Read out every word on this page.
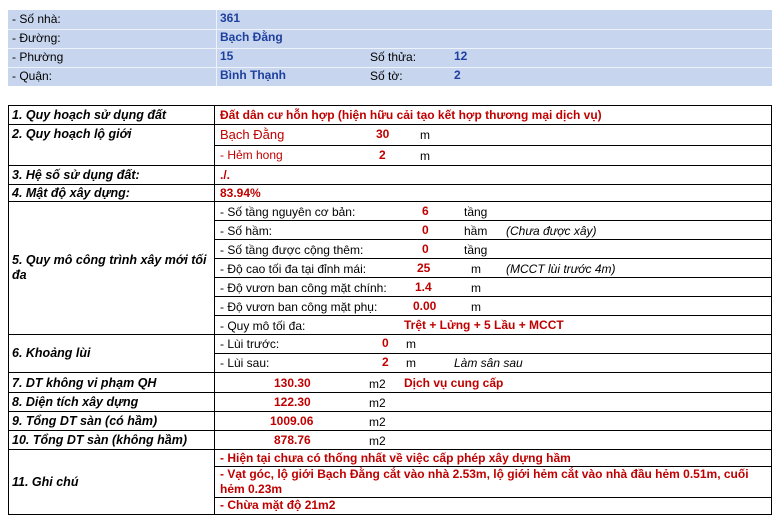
- Số nhà:	361
- Đường:	Bạch Đằng
- Phường	15	Số thửa:	12
- Quận:	Bình Thạnh	Số tờ:	2
1. Quy hoạch sử dụng đất	Đất dân cư hỗn hợp (hiện hữu cải tạo kết hợp thương mại dịch vụ)
2. Quy hoạch lộ giới	Bạch Đằng	30	m
- Hẻm hong	2	m
3. Hệ số sử dụng đất:	./.
4. Mật độ xây dựng:	83.94%
5. Quy mô công trình xây mới tối đa
- Số tầng nguyên cơ bản:	6	tầng
- Số hầm:	0	hầm (Chưa được xây)
- Số tầng được cộng thêm:	0	tầng
- Độ cao tối đa tại đỉnh mái:	25	m (MCCT lùi trước 4m)
- Độ vươn ban công mặt chính: 1.4	m
- Độ vươn ban công mặt phụ:	0.00	m
- Quy mô tối đa:	Trệt + Lửng + 5 Lầu + MCCT
6. Khoảng lùi
- Lùi trước:	0 m
- Lùi sau:	2 m	Làm sân sau
7. DT không vi phạm QH	130.30	m2 Dịch vụ cung cấp
8. Diện tích xây dựng	122.30	m2
9. Tổng DT sàn (có hầm)	1009.06	m2
10. Tổng DT sàn (không hầm)	878.76	m2
11. Ghi chú
- Hiện tại chưa có thống nhất về việc cấp phép xây dựng hầm
- Vạt góc, lộ giới Bạch Đằng cắt vào nhà 2.53m, lộ giới hẻm cắt vào nhà đầu hẻm 0.51m, cuối hẻm 0.23m
- Chừa mặt độ 21m2
